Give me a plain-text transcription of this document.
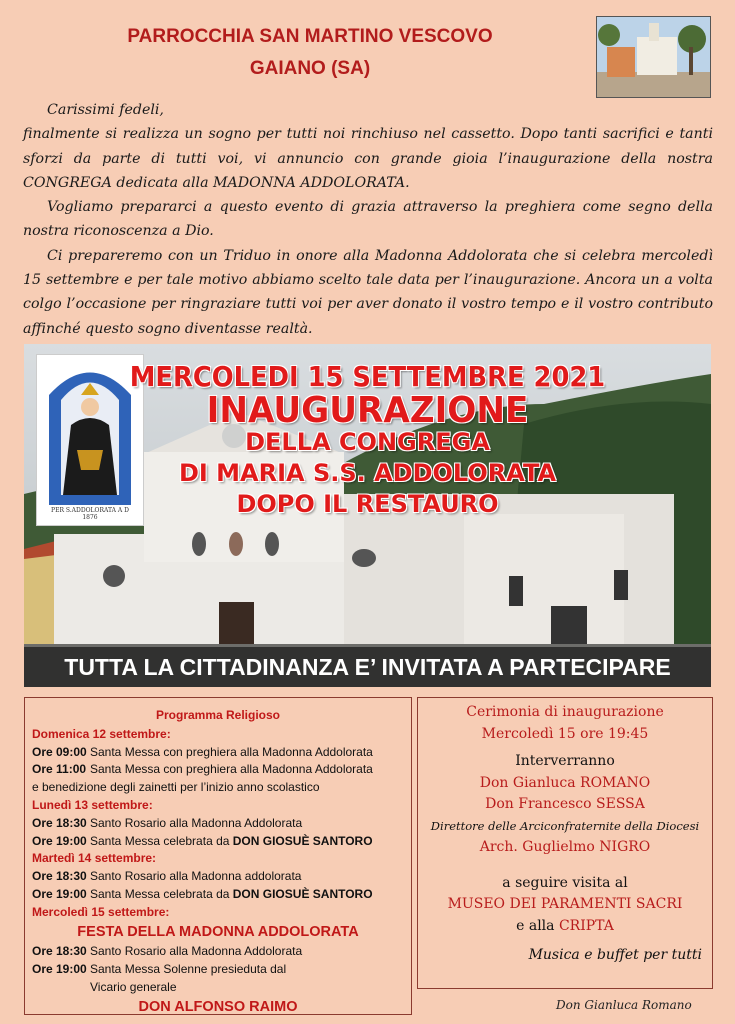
PARROCCHIA SAN MARTINO VESCOVO
GAIANO (SA)

Carissimi fedeli,

finalmente si realizza un sogno per tutti noi rinchiuso nel cassetto. Dopo tanti sacrifici e tanti sforzi da parte di tutti voi, vi annuncio con grande gioia l’inaugurazione della nostra CONGREGA dedicata alla MADONNA ADDOLORATA.

Vogliamo prepararci a questo evento di grazia attraverso la preghiera come segno della nostra riconoscenza a Dio.

Ci prepareremo con un Triduo in onore alla Madonna Addolorata che si celebra mercoledì 15 settembre e per tale motivo abbiamo scelto tale data per l’inaugurazione. Ancora un a volta colgo l’occasione per ringraziare tutti voi per aver donato il vostro tempo e il vostro contributo affinché questo sogno diventasse realtà.

PER S.ADDOLORATA A D 1876
MERCOLEDI 15 SETTEMBRE 2021
INAUGURAZIONE
DELLA CONGREGA
DI MARIA S.S. ADDOLORATA
DOPO IL RESTAURO
TUTTA LA CITTADINANZA E’ INVITATA A PARTECIPARE
Programma Religioso
Domenica 12 settembre:
Ore 09:00 Santa Messa con preghiera alla Madonna Addolorata
Ore 11:00 Santa Messa con preghiera alla Madonna Addolorata
e benedizione degli zainetti per l’inizio anno scolastico
Lunedì 13 settembre:
Ore 18:30 Santo Rosario alla Madonna Addolorata
Ore 19:00 Santa Messa celebrata da DON GIOSUÈ SANTORO
Martedì 14 settembre:
Ore 18:30 Santo Rosario alla Madonna addolorata
Ore 19:00 Santa Messa celebrata da DON GIOSUÈ SANTORO
Mercoledì 15 settembre:
FESTA DELLA MADONNA ADDOLORATA
Ore 18:30 Santo Rosario alla Madonna Addolorata
Ore 19:00 Santa Messa Solenne presieduta dal
Vicario generale
DON ALFONSO RAIMO
Cerimonia di inaugurazione
Mercoledì 15 ore 19:45
Interverranno
Don Gianluca ROMANO
Don Francesco SESSA
Direttore delle Arciconfraternite della Diocesi
Arch. Guglielmo NIGRO
a seguire visita al
MUSEO DEI PARAMENTI SACRI
e alla CRIPTA
Musica e buffet per tutti
Don Gianluca Romano
